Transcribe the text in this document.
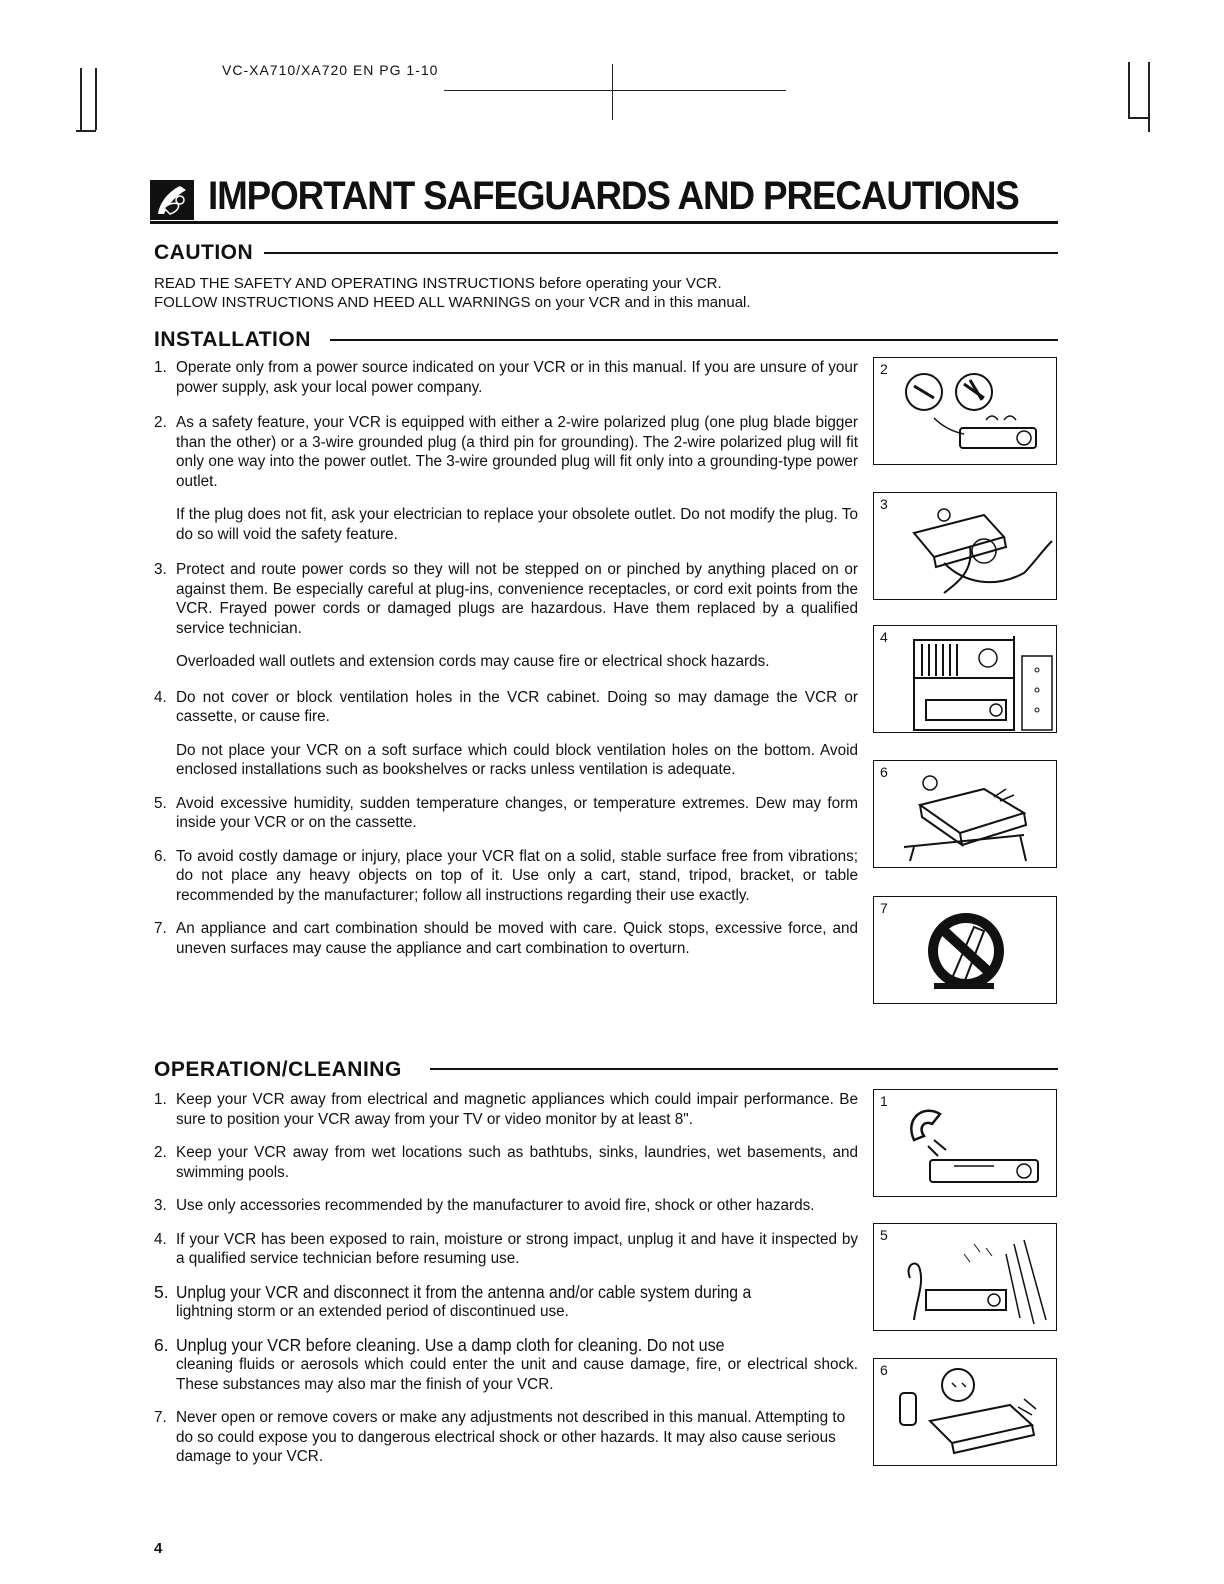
VC-XA710/XA720 EN PG 1-10
IMPORTANT SAFEGUARDS AND PRECAUTIONS
CAUTION
READ THE SAFETY AND OPERATING INSTRUCTIONS before operating your VCR.
FOLLOW INSTRUCTIONS AND HEED ALL WARNINGS on your VCR and in this manual.
INSTALLATION
1. Operate only from a power source indicated on your VCR or in this manual. If you are unsure of your power supply, ask your local power company.
2. As a safety feature, your VCR is equipped with either a 2-wire polarized plug (one plug blade bigger than the other) or a 3-wire grounded plug (a third pin for grounding). The 2-wire polarized plug will fit only one way into the power outlet. The 3-wire grounded plug will fit only into a grounding-type power outlet.
If the plug does not fit, ask your electrician to replace your obsolete outlet. Do not modify the plug. To do so will void the safety feature.
3. Protect and route power cords so they will not be stepped on or pinched by anything placed on or against them. Be especially careful at plug-ins, convenience receptacles, or cord exit points from the VCR. Frayed power cords or damaged plugs are hazardous. Have them replaced by a qualified service technician.
Overloaded wall outlets and extension cords may cause fire or electrical shock hazards.
4. Do not cover or block ventilation holes in the VCR cabinet. Doing so may damage the VCR or cassette, or cause fire.
Do not place your VCR on a soft surface which could block ventilation holes on the bottom. Avoid enclosed installations such as bookshelves or racks unless ventilation is adequate.
5. Avoid excessive humidity, sudden temperature changes, or temperature extremes. Dew may form inside your VCR or on the cassette.
6. To avoid costly damage or injury, place your VCR flat on a solid, stable surface free from vibrations; do not place any heavy objects on top of it. Use only a cart, stand, tripod, bracket, or table recommended by the manufacturer; follow all instructions regarding their use exactly.
7. An appliance and cart combination should be moved with care. Quick stops, excessive force, and uneven surfaces may cause the appliance and cart combination to overturn.
OPERATION/CLEANING
1. Keep your VCR away from electrical and magnetic appliances which could impair performance. Be sure to position your VCR away from your TV or video monitor by at least 8".
2. Keep your VCR away from wet locations such as bathtubs, sinks, laundries, wet basements, and swimming pools.
3. Use only accessories recommended by the manufacturer to avoid fire, shock or other hazards.
4. If your VCR has been exposed to rain, moisture or strong impact, unplug it and have it inspected by a qualified service technician before resuming use.
5. Unplug your VCR and disconnect it from the antenna and/or cable system during a
lightning storm or an extended period of discontinued use.
6. Unplug your VCR before cleaning. Use a damp cloth for cleaning. Do not use
cleaning fluids or aerosols which could enter the unit and cause damage, fire, or electrical shock. These substances may also mar the finish of your VCR.
7. Never open or remove covers or make any adjustments not described in this manual. Attempting to do so could expose you to dangerous electrical shock or other hazards. It may also cause serious damage to your VCR.
2
3
4
6
7
1
5
6
4
